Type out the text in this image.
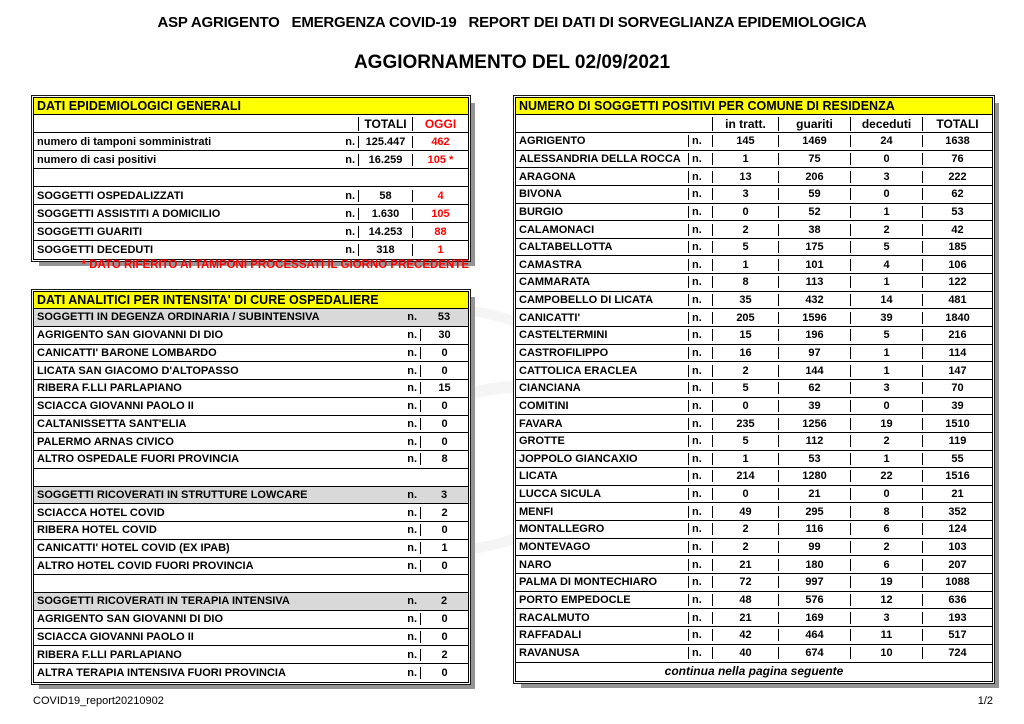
ASP AGRIGENTO   EMERGENZA COVID-19   REPORT DEI DATI DI SORVEGLIANZA EPIDEMIOLOGICA
AGGIORNAMENTO DEL 02/09/2021
DATI EPIDEMIOLOGICI GENERALI
TOTALI	OGGI
numero di tamponi somministrati	n. 125.447	462
numero di casi positivi	n.	16.259	105 *
SOGGETTI OSPEDALIZZATI	n.	58	4
SOGGETTI ASSISTITI A DOMICILIO	n.	1.630	105
SOGGETTI GUARITI	n.	14.253	88
SOGGETTI DECEDUTI	n.	318	1
* DATO RIFERITO AI TAMPONI PROCESSATI IL GIORNO PRECEDENTE
DATI ANALITICI PER INTENSITA' DI CURE OSPEDALIERE
SOGGETTI IN DEGENZA ORDINARIA / SUBINTENSIVA	n.	53
AGRIGENTO SAN GIOVANNI DI DIO	n.	30
CANICATTI' BARONE LOMBARDO	n.	0
LICATA SAN GIACOMO D'ALTOPASSO	n.	0
RIBERA F.LLI PARLAPIANO	n.	15
SCIACCA GIOVANNI PAOLO II	n.	0
CALTANISSETTA SANT'ELIA	n.	0
PALERMO ARNAS CIVICO	n.	0
ALTRO OSPEDALE FUORI PROVINCIA	n.	8
SOGGETTI RICOVERATI IN STRUTTURE LOWCARE	n.	3
SCIACCA HOTEL COVID	n.	2
RIBERA HOTEL COVID	n.	0
CANICATTI' HOTEL COVID (EX IPAB)	n.	1
ALTRO HOTEL COVID FUORI PROVINCIA	n.	0
SOGGETTI RICOVERATI IN TERAPIA INTENSIVA	n.	2
AGRIGENTO SAN GIOVANNI DI DIO	n.	0
SCIACCA GIOVANNI PAOLO II	n.	0
RIBERA F.LLI PARLAPIANO	n.	2
ALTRA TERAPIA INTENSIVA FUORI PROVINCIA	n.	0
NUMERO DI SOGGETTI POSITIVI PER COMUNE DI RESIDENZA
in tratt.	guariti	deceduti	TOTALI
AGRIGENTO	n.	145	1469	24	1638
ALESSANDRIA DELLA ROCCA	n.	1	75	0	76
ARAGONA	n.	13	206	3	222
BIVONA	n.	3	59	0	62
BURGIO	n.	0	52	1	53
CALAMONACI	n.	2	38	2	42
CALTABELLOTTA	n.	5	175	5	185
CAMASTRA	n.	1	101	4	106
CAMMARATA	n.	8	113	1	122
CAMPOBELLO DI LICATA	n.	35	432	14	481
CANICATTI'	n.	205	1596	39	1840
CASTELTERMINI	n.	15	196	5	216
CASTROFILIPPO	n.	16	97	1	114
CATTOLICA ERACLEA	n.	2	144	1	147
CIANCIANA	n.	5	62	3	70
COMITINI	n.	0	39	0	39
FAVARA	n.	235	1256	19	1510
GROTTE	n.	5	112	2	119
JOPPOLO GIANCAXIO	n.	1	53	1	55
LICATA	n.	214	1280	22	1516
LUCCA SICULA	n.	0	21	0	21
MENFI	n.	49	295	8	352
MONTALLEGRO	n.	2	116	6	124
MONTEVAGO	n.	2	99	2	103
NARO	n.	21	180	6	207
PALMA DI MONTECHIARO	n.	72	997	19	1088
PORTO EMPEDOCLE	n.	48	576	12	636
RACALMUTO	n.	21	169	3	193
RAFFADALI	n.	42	464	11	517
RAVANUSA	n.	40	674	10	724
continua nella pagina seguente
COVID19_report20210902	1/2
